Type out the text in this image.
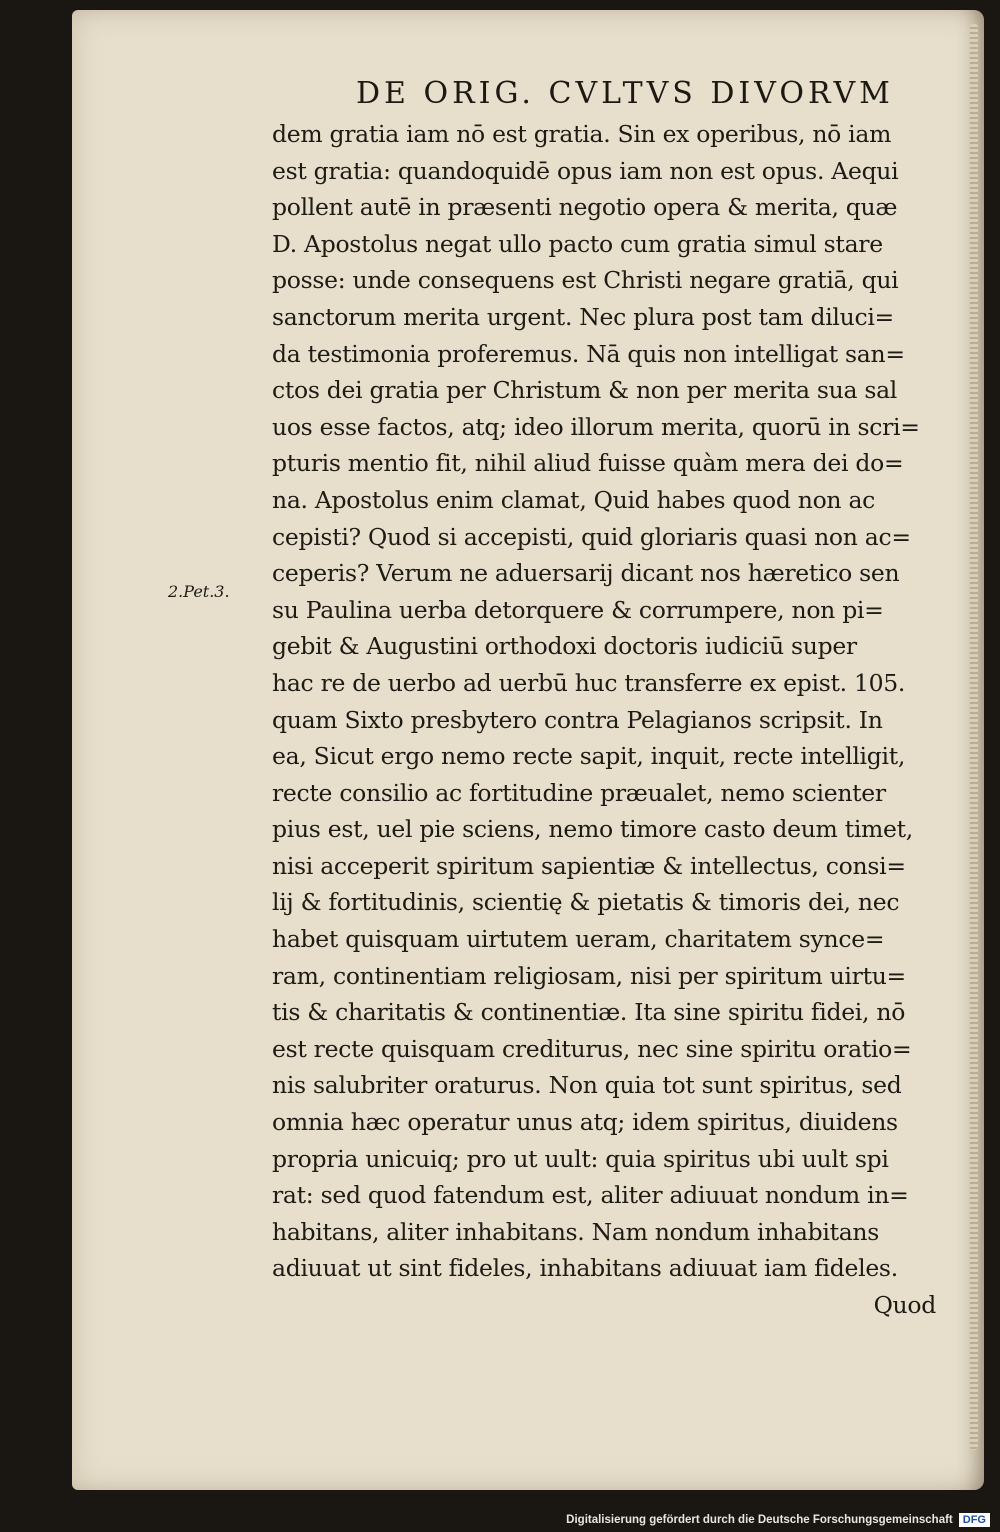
DE ORIG. CVLTVS DIVORVM
2.Pet.3.
dem gratia iam nō est gratia. Sin ex operibus, nō iam
est gratia: quandoquidē opus iam non est opus. Aequi
pollent autē in præsenti negotio opera & merita, quæ
D. Apostolus negat ullo pacto cum gratia simul stare
posse: unde consequens est Christi negare gratiā, qui
sanctorum merita urgent. Nec plura post tam diluci=
da testimonia proferemus. Nā quis non intelligat san=
ctos dei gratia per Christum & non per merita sua sal
uos esse factos, atq; ideo illorum merita, quorū in scri=
pturis mentio fit, nihil aliud fuisse quàm mera dei do=
na. Apostolus enim clamat, Quid habes quod non ac
cepisti? Quod si accepisti, quid gloriaris quasi non ac=
ceperis? Verum ne aduersarij dicant nos hæretico sen
su Paulina uerba detorquere & corrumpere, non pi=
gebit & Augustini orthodoxi doctoris iudiciū super
hac re de uerbo ad uerbū huc transferre ex epist. 105.
quam Sixto presbytero contra Pelagianos scripsit. In
ea, Sicut ergo nemo recte sapit, inquit, recte intelligit,
recte consilio ac fortitudine præualet, nemo scienter
pius est, uel pie sciens, nemo timore casto deum timet,
nisi acceperit spiritum sapientiæ & intellectus, consi=
lij & fortitudinis, scientię & pietatis & timoris dei, nec
habet quisquam uirtutem ueram, charitatem synce=
ram, continentiam religiosam, nisi per spiritum uirtu=
tis & charitatis & continentiæ. Ita sine spiritu fidei, nō
est recte quisquam crediturus, nec sine spiritu oratio=
nis salubriter oraturus. Non quia tot sunt spiritus, sed
omnia hæc operatur unus atq; idem spiritus, diuidens
propria unicuiq; pro ut uult: quia spiritus ubi uult spi
rat: sed quod fatendum est, aliter adiuuat nondum in=
habitans, aliter inhabitans. Nam nondum inhabitans
adiuuat ut sint fideles, inhabitans adiuuat iam fideles.
Quod
Digitalisierung gefördert durch die Deutsche Forschungsgemeinschaft DFG
